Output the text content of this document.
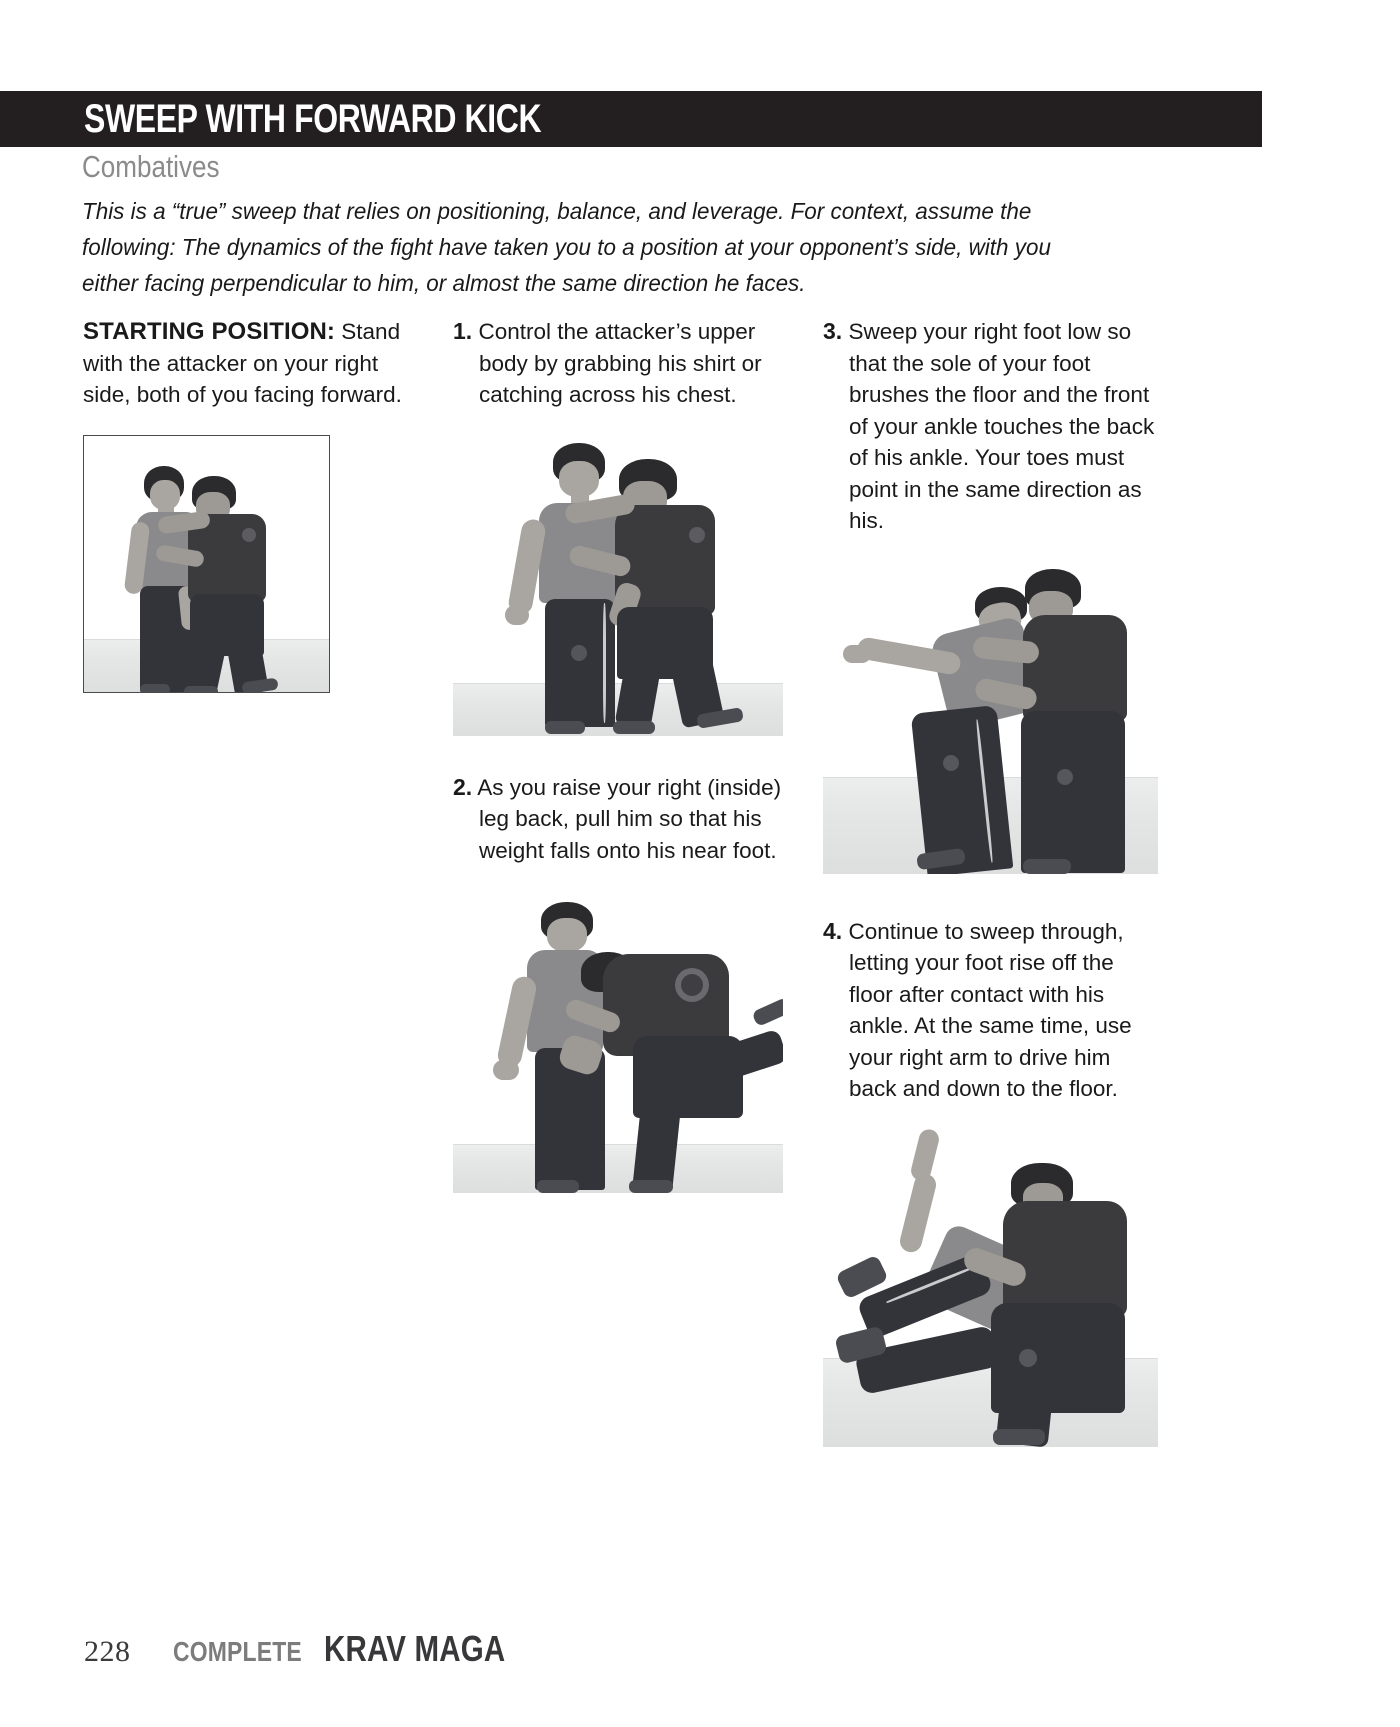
SWEEP WITH FORWARD KICK
Combatives
This is a “true” sweep that relies on positioning, balance, and leverage. For context, assume the following: The dynamics of the fight have taken you to a position at your opponent’s side, with you either facing perpendicular to him, or almost the same direction he faces.

STARTING POSITION: Stand with the attacker on your right side, both of you facing forward.

1. Control the attacker’s upper body by grabbing his shirt or catching across his chest.

2. As you raise your right (inside) leg back, pull him so that his weight falls onto his near foot.

3. Sweep your right foot low so that the sole of your foot brushes the floor and the front of your ankle touches the back of his ankle. Your toes must point in the same direction as his.

4. Continue to sweep through, letting your foot rise off the floor after contact with his ankle. At the same time, use your right arm to drive him back and down to the floor.

228 COMPLETE KRAV MAGA
